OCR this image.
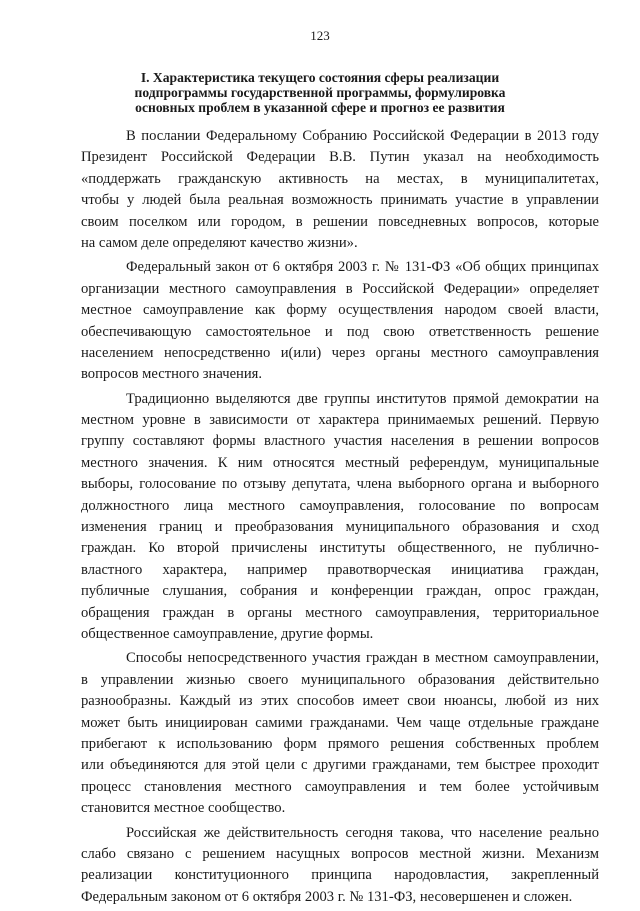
123
I. Характеристика текущего состояния сферы реализации
подпрограммы государственной программы, формулировка
основных проблем в указанной сфере и прогноз ее развития
В послании Федеральному Собранию Российской Федерации в 2013 году
Президент Российской Федерации В.В. Путин указал на необходимость
«поддержать гражданскую активность на местах, в муниципалитетах,
чтобы у людей была реальная возможность принимать участие в управлении
своим поселком или городом, в решении повседневных вопросов, которые
на самом деле определяют качество жизни».
Федеральный закон от 6 октября 2003 г. № 131-ФЗ «Об общих принципах
организации местного самоуправления в Российской Федерации» определяет
местное самоуправление как форму осуществления народом своей власти,
обеспечивающую самостоятельное и под свою ответственность решение
населением непосредственно и(или) через органы местного самоуправления
вопросов местного значения.
Традиционно выделяются две группы институтов прямой демократии на
местном уровне в зависимости от характера принимаемых решений. Первую
группу составляют формы властного участия населения в решении вопросов
местного значения. К ним относятся местный референдум, муниципальные
выборы, голосование по отзыву депутата, члена выборного органа и выборного
должностного лица местного самоуправления, голосование по вопросам
изменения границ и преобразования муниципального образования и сход
граждан. Ко второй причислены институты общественного, не публично-
властного характера, например правотворческая инициатива граждан,
публичные слушания, собрания и конференции граждан, опрос граждан,
обращения граждан в органы местного самоуправления, территориальное
общественное самоуправление, другие формы.
Способы непосредственного участия граждан в местном самоуправлении,
в управлении жизнью своего муниципального образования действительно
разнообразны. Каждый из этих способов имеет свои нюансы, любой из них
может быть инициирован самими гражданами. Чем чаще отдельные граждане
прибегают к использованию форм прямого решения собственных проблем
или объединяются для этой цели с другими гражданами, тем быстрее проходит
процесс становления местного самоуправления и тем более устойчивым
становится местное сообщество.
Российская же действительность сегодня такова, что население реально
слабо связано с решением насущных вопросов местной жизни. Механизм
реализации конституционного принципа народовластия, закрепленный
Федеральным законом от 6 октября 2003 г. № 131-ФЗ, несовершенен и сложен.
